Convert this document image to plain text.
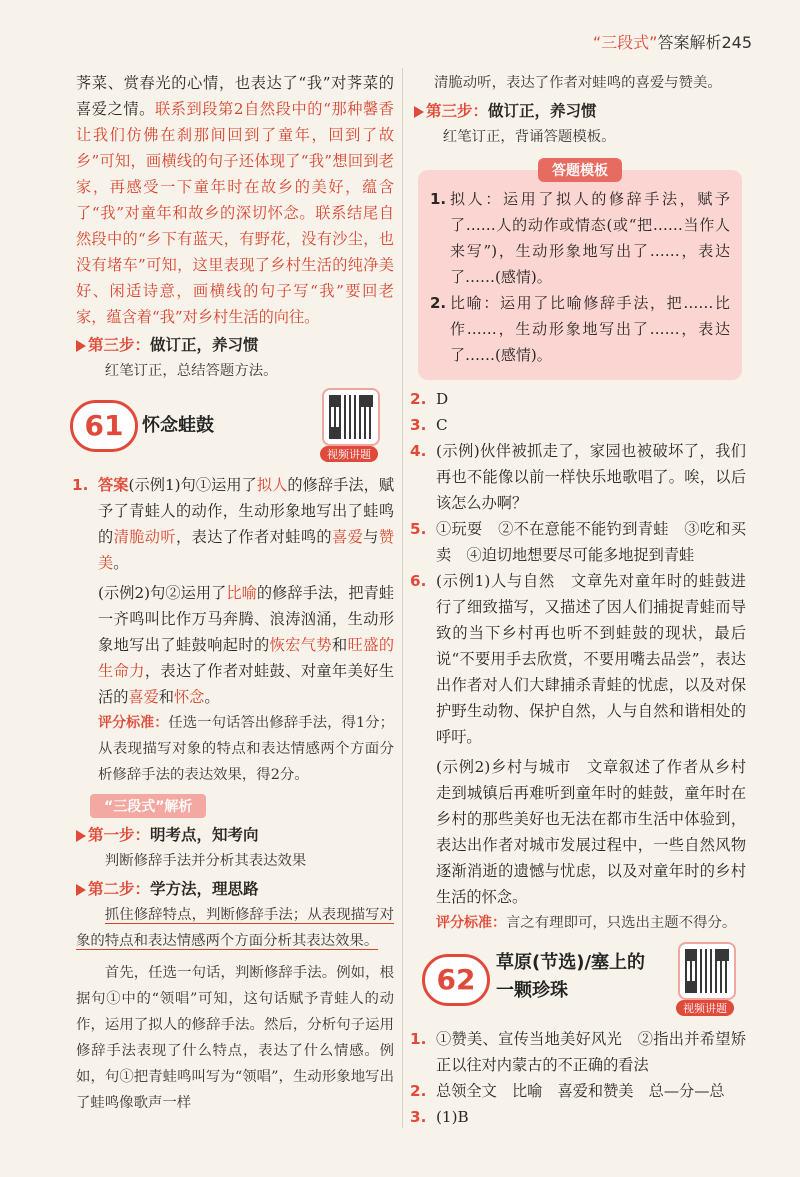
“三段式”答案解析245

荠菜、赏春光的心情，也表达了“我”对荠菜的喜爱之情。联系到段第2自然段中的“那种馨香让我们仿佛在刹那间回到了童年，回到了故乡”可知，画横线的句子还体现了“我”想回到老家，再感受一下童年时在故乡的美好，蕴含了“我”对童年和故乡的深切怀念。联系结尾自然段中的“乡下有蓝天，有野花，没有沙尘，也没有堵车”可知，这里表现了乡村生活的纯净美好、闲适诗意，画横线的句子写“我”要回老家，蕴含着“我”对乡村生活的向往。

第三步：做订正，养习惯

红笔订正，总结答题方法。

61	怀念蛙鼓
视频讲题
1. 答案(示例1)句①运用了拟人的修辞手法，赋予了青蛙人的动作，生动形象地写出了蛙鸣的清脆动听，表达了作者对蛙鸣的喜爱与赞美。

(示例2)句②运用了比喻的修辞手法，把青蛙一齐鸣叫比作万马奔腾、浪涛汹涌，生动形象地写出了蛙鼓响起时的恢宏气势和旺盛的生命力，表达了作者对蛙鼓、对童年美好生活的喜爱和怀念。

评分标准：任选一句话答出修辞手法，得1分；从表现描写对象的特点和表达情感两个方面分析修辞手法的表达效果，得2分。

“三段式”解析
第一步：明考点，知考向

判断修辞手法并分析其表达效果

第二步：学方法，理思路

抓住修辞特点，判断修辞手法；从表现描写对象的特点和表达情感两个方面分析其表达效果。

首先，任选一句话，判断修辞手法。例如，根据句①中的“领唱”可知，这句话赋予青蛙人的动作，运用了拟人的修辞手法。然后，分析句子运用修辞手法表现了什么特点，表达了什么情感。例如，句①把青蛙鸣叫写为“领唱”，生动形象地写出了蛙鸣像歌声一样

清脆动听，表达了作者对蛙鸣的喜爱与赞美。

第三步：做订正，养习惯

红笔订正，背诵答题模板。

答题模板
1. 拟人：运用了拟人的修辞手法，赋予了……人的动作或情态(或“把……当作人来写”)，生动形象地写出了……，表达了……(感情)。
2. 比喻：运用了比喻修辞手法，把……比作……，生动形象地写出了……，表达了……(感情)。
2. D
3. C
4. (示例)伙伴被抓走了，家园也被破坏了，我们再也不能像以前一样快乐地歌唱了。唉，以后该怎么办啊？
5. ①玩耍　②不在意能不能钓到青蛙　③吃和买卖　④迫切地想要尽可能多地捉到青蛙
6. (示例1)人与自然　文章先对童年时的蛙鼓进行了细致描写，又描述了因人们捕捉青蛙而导致的当下乡村再也听不到蛙鼓的现状，最后说“不要用手去欣赏，不要用嘴去品尝”，表达出作者对人们大肆捕杀青蛙的忧虑，以及对保护野生动物、保护自然，人与自然和谐相处的呼吁。

(示例2)乡村与城市　文章叙述了作者从乡村走到城镇后再难听到童年时的蛙鼓，童年时在乡村的那些美好也无法在都市生活中体验到，表达出作者对城市发展过程中，一些自然风物逐渐消逝的遗憾与忧虑，以及对童年时的乡村生活的怀念。

评分标准：言之有理即可，只选出主题不得分。

62
草原(节选)/塞上的
一颗珍珠
视频讲题
1. ①赞美、宣传当地美好风光　②指出并希望矫正以往对内蒙古的不正确的看法
2. 总领全文　比喻　喜爱和赞美　总—分—总
3. (1)B
